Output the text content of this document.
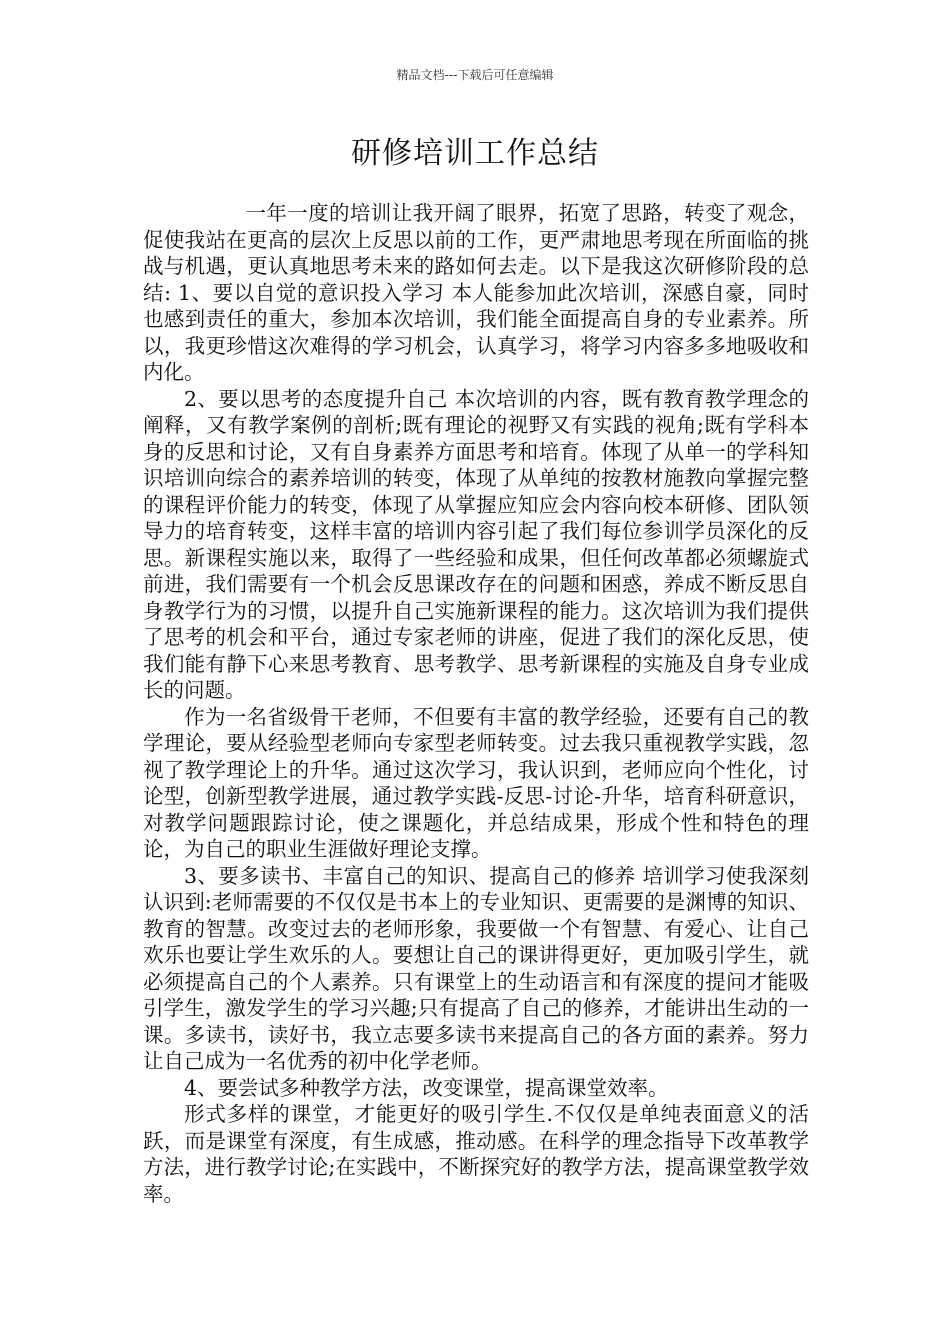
精品文档---下载后可任意编辑
研修培训工作总结

一年一度的培训让我开阔了眼界，拓宽了思路，转变了观念，促使我站在更高的层次上反思以前的工作，更严肃地思考现在所面临的挑战与机遇，更认真地思考未来的路如何去走。以下是我这次研修阶段的总结: 1、要以自觉的意识投入学习 本人能参加此次培训，深感自豪，同时也感到责任的重大，参加本次培训，我们能全面提高自身的专业素养。所以，我更珍惜这次难得的学习机会，认真学习，将学习内容多多地吸收和内化。

2、要以思考的态度提升自己 本次培训的内容，既有教育教学理念的阐释，又有教学案例的剖析;既有理论的视野又有实践的视角;既有学科本身的反思和讨论，又有自身素养方面思考和培育。体现了从单一的学科知识培训向综合的素养培训的转变，体现了从单纯的按教材施教向掌握完整的课程评价能力的转变，体现了从掌握应知应会内容向校本研修、团队领导力的培育转变，这样丰富的培训内容引起了我们每位参训学员深化的反思。新课程实施以来，取得了一些经验和成果，但任何改革都必须螺旋式前进，我们需要有一个机会反思课改存在的问题和困惑，养成不断反思自身教学行为的习惯，以提升自己实施新课程的能力。这次培训为我们提供了思考的机会和平台，通过专家老师的讲座，促进了我们的深化反思，使我们能有静下心来思考教育、思考教学、思考新课程的实施及自身专业成长的问题。

作为一名省级骨干老师，不但要有丰富的教学经验，还要有自己的教学理论，要从经验型老师向专家型老师转变。过去我只重视教学实践，忽视了教学理论上的升华。通过这次学习，我认识到，老师应向个性化，讨论型，创新型教学进展，通过教学实践-反思-讨论-升华，培育科研意识，对教学问题跟踪讨论，使之课题化，并总结成果，形成个性和特色的理论，为自己的职业生涯做好理论支撑。

3、要多读书、丰富自己的知识、提高自己的修养 培训学习使我深刻认识到:老师需要的不仅仅是书本上的专业知识、更需要的是渊博的知识、教育的智慧。改变过去的老师形象，我要做一个有智慧、有爱心、让自己欢乐也要让学生欢乐的人。要想让自己的课讲得更好，更加吸引学生，就必须提高自己的个人素养。只有课堂上的生动语言和有深度的提问才能吸引学生，激发学生的学习兴趣;只有提高了自己的修养，才能讲出生动的一课。多读书，读好书，我立志要多读书来提高自己的各方面的素养。努力让自己成为一名优秀的初中化学老师。

4、要尝试多种教学方法，改变课堂，提高课堂效率。

形式多样的课堂，才能更好的吸引学生.不仅仅是单纯表面意义的活跃，而是课堂有深度，有生成感，推动感。在科学的理念指导下改革教学方法，进行教学讨论;在实践中，不断探究好的教学方法，提高课堂教学效率。
